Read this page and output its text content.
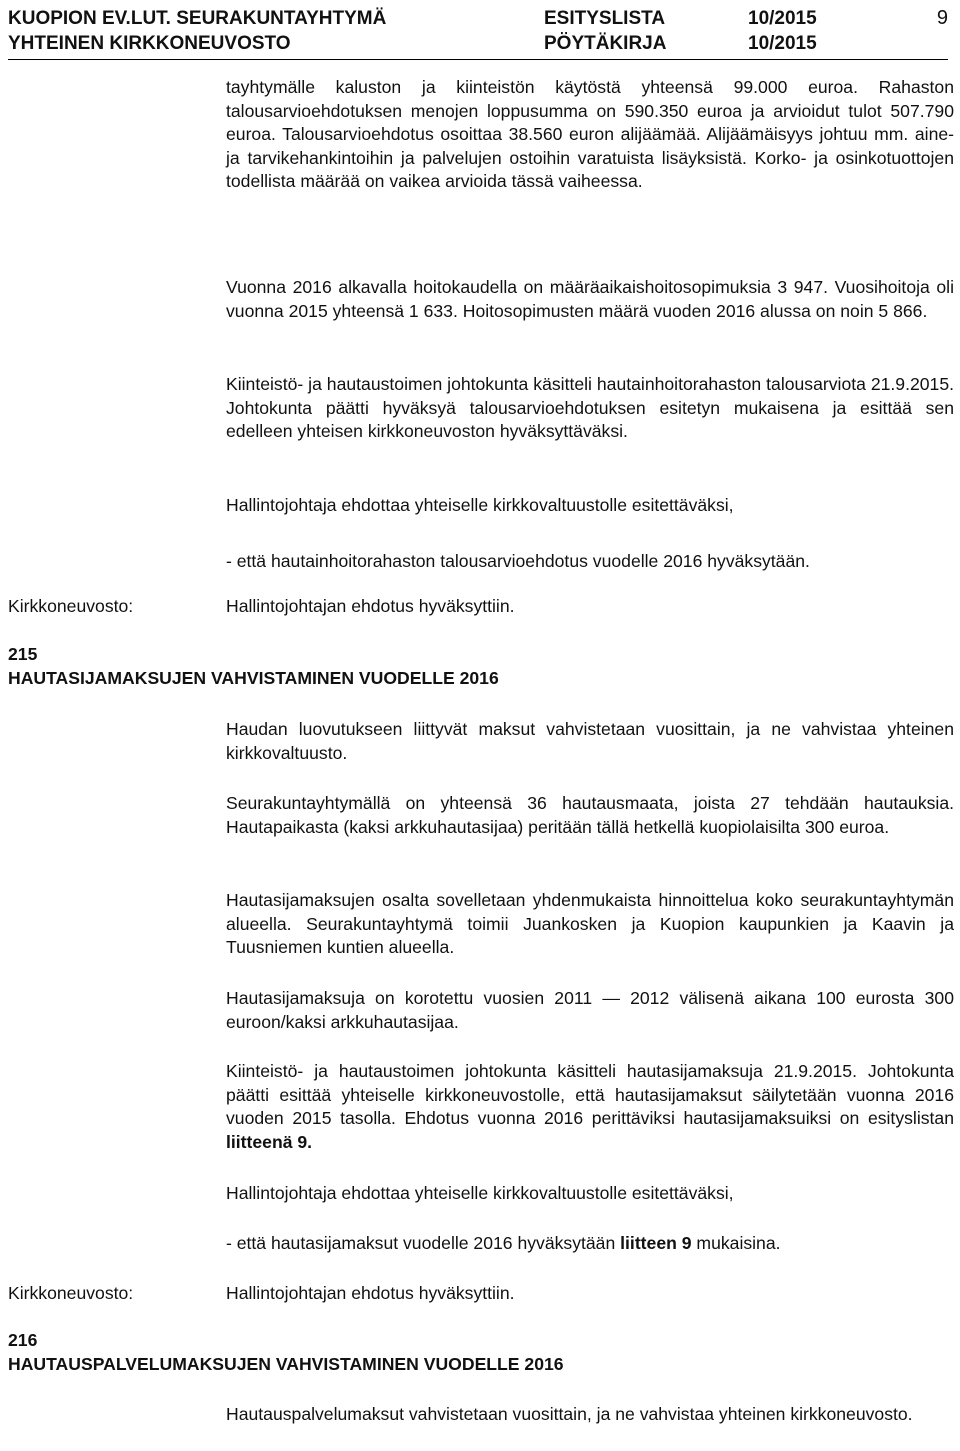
KUOPION EV.LUT. SEURAKUNTAYHTYMÄ	ESITYSLISTA	10/2015	9
YHTEINEN KIRKKONEUVOSTO	PÖYTÄKIRJA	10/2015

tayhtymälle kaluston ja kiinteistön käytöstä yhteensä 99.000 euroa. Rahaston talousarvioehdotuksen menojen loppusumma on 590.350 euroa ja arvioidut tulot 507.790 euroa. Talousarvioehdotus osoittaa 38.560 euron alijäämää. Alijäämäisyys johtuu mm. aine- ja tarvikehankintoihin ja palvelujen ostoihin varatuista lisäyksistä. Korko- ja osinkotuottojen todellista määrää on vaikea arvioida tässä vaiheessa.

Vuonna 2016 alkavalla hoitokaudella on määräaikaishoitosopimuksia 3 947. Vuosihoitoja oli vuonna 2015 yhteensä 1 633. Hoitosopimusten määrä vuoden 2016 alussa on noin 5 866.

Kiinteistö- ja hautaustoimen johtokunta käsitteli hautainhoitorahaston talousarviota 21.9.2015. Johtokunta päätti hyväksyä talousarvioehdotuksen esitetyn mukaisena ja esittää sen edelleen yhteisen kirkkoneuvoston hyväksyttäväksi.

Hallintojohtaja ehdottaa yhteiselle kirkkovaltuustolle esitettäväksi,

- että hautainhoitorahaston talousarvioehdotus vuodelle 2016 hyväksytään.

Kirkkoneuvosto:	Hallintojohtajan ehdotus hyväksyttiin.

215
HAUTASIJAMAKSUJEN VAHVISTAMINEN VUODELLE 2016

Haudan luovutukseen liittyvät maksut vahvistetaan vuosittain, ja ne vahvistaa yhteinen kirkkovaltuusto.

Seurakuntayhtymällä on yhteensä 36 hautausmaata, joista 27 tehdään hautauksia. Hautapaikasta (kaksi arkkuhautasijaa) peritään tällä hetkellä kuopiolaisilta 300 euroa.

Hautasijamaksujen osalta sovelletaan yhdenmukaista hinnoittelua koko seurakuntayhtymän alueella. Seurakuntayhtymä toimii Juankosken ja Kuopion kaupunkien ja Kaavin ja Tuusniemen kuntien alueella.

Hautasijamaksuja on korotettu vuosien 2011 — 2012 välisenä aikana 100 eurosta 300 euroon/kaksi arkkuhautasijaa.

Kiinteistö- ja hautaustoimen johtokunta käsitteli hautasijamaksuja 21.9.2015. Johtokunta päätti esittää yhteiselle kirkkoneuvostolle, että hautasijamaksut säilytetään vuonna 2016 vuoden 2015 tasolla. Ehdotus vuonna 2016 perittäviksi hautasijamaksuiksi on esityslistan liitteenä 9.

Hallintojohtaja ehdottaa yhteiselle kirkkovaltuustolle esitettäväksi,

- että hautasijamaksut vuodelle 2016 hyväksytään liitteen 9 mukaisina.

Kirkkoneuvosto:	Hallintojohtajan ehdotus hyväksyttiin.

216
HAUTAUSPALVELUMAKSUJEN VAHVISTAMINEN VUODELLE 2016

Hautauspalvelumaksut vahvistetaan vuosittain, ja ne vahvistaa yhteinen kirkkoneuvosto.
